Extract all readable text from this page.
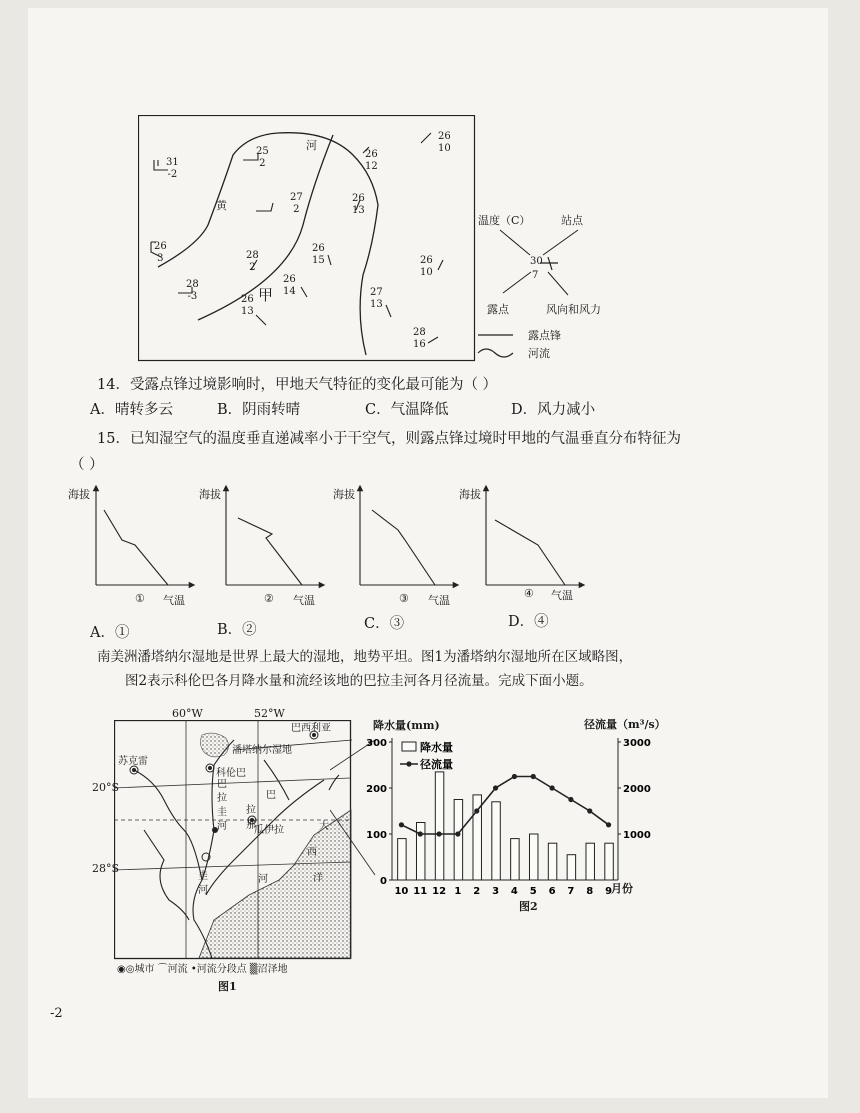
河
黄
甲
31
-2
25
2
27
2
26
3	28
2
28
-3
26
14
26
13
26
15
26
13
26
12
26
10
26
10
27
13
28
16
温度（C）	站点
30
7
露点	风向和风力
露点锋
河流
14．受露点锋过境影响时，甲地天气特征的变化最可能为（ ）
A．晴转多云	B．阴雨转晴	C．气温降低	D．风力减小
15．已知湿空气的温度垂直递减率小于干空气，则露点锋过境时甲地的气温垂直分布特征为
（ ）
海拔
① 气温
海拔
② 气温
海拔
③ 气温
海拔
④ 气温
A．①	B．②	C．③	D．④
南美洲潘塔纳尔湿地是世界上最大的湿地，地势平坦。图1为潘塔纳尔湿地所在区域略图，
图2表示科伦巴各月降水量和流经该地的巴拉圭河各月径流量。完成下面小题。
60°W	52°W
20°S
28°S
巴西利亚
苏克雷
潘塔纳尔湿地
科伦巴
瓜伊拉
巴
拉
圭
河
巴
拉
那
河
圭
河
大
西
洋
◉◎城市 ⌒河流 •河流分段点 ▒沼泽地
图1
降水量(mm)	径流量（m³/s）
0
100
200
300
1000
2000
3000
10 11 12 1 2 3 4 5 6 7 8 9
降水量
径流量
月份
图2
-2
